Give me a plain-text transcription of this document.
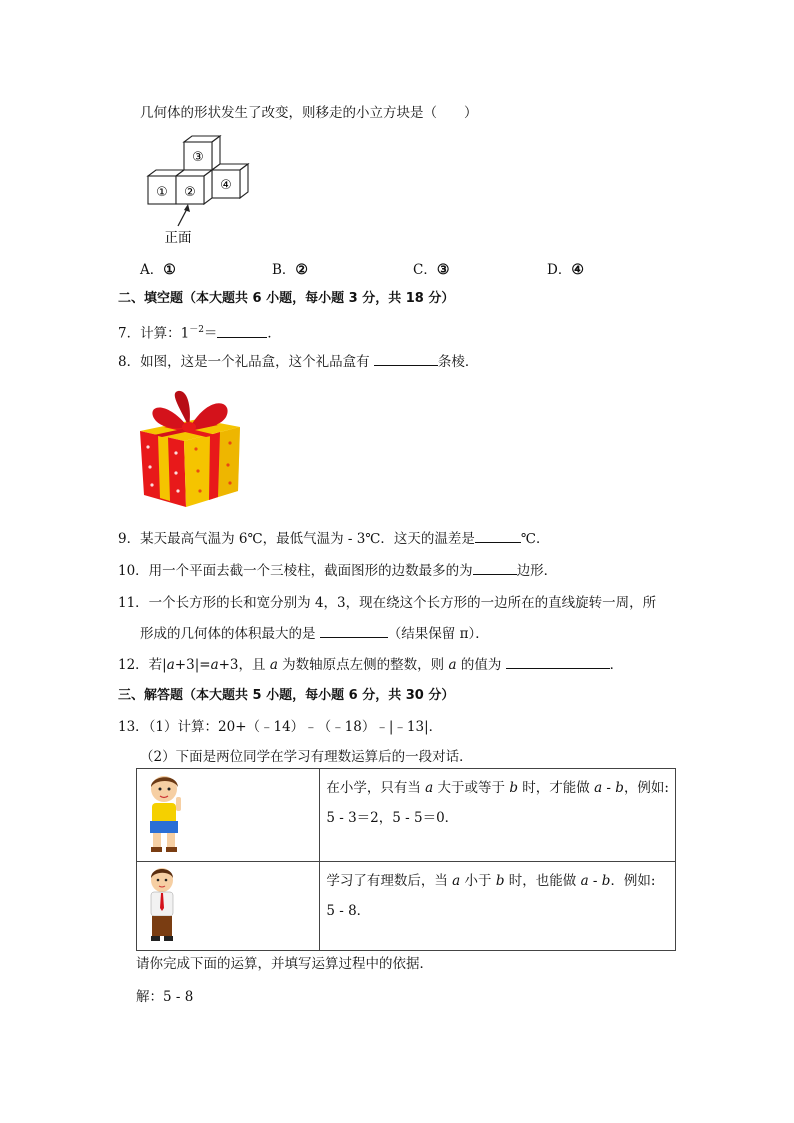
几何体的形状发生了改变，则移走的小立方块是（　　）
① ②
③
④
正面
A．①	B．②	C．③	D．④
二、填空题（本大题共 6 小题，每小题 3 分，共 18 分）
7．计算：$1^{-2}=$	．
8．如图，这是一个礼品盒，这个礼品盒有	条棱．
9．某天最高气温为 6℃，最低气温为 - 3℃．这天的温差是	℃．
10．用一个平面去截一个三棱柱，截面图形的边数最多的为	边形．
11．一个长方形的长和宽分别为 4，3，现在绕这个长方形的一边所在的直线旋转一周，所
形成的几何体的体积最大的是	（结果保留 π）．
12．若|a+3|=a+3，且 a 为数轴原点左侧的整数，则 a 的值为	．
三、解答题（本大题共 5 小题，每小题 6 分，共 30 分）
13．（1）计算：20+（﹣14）﹣（﹣18）﹣|﹣13|．
（2）下面是两位同学在学习有理数运算后的一段对话．

在小学，只有当 a 大于或等于 b 时，才能做 a - b，例如:
5 - 3＝2，5 - 5＝0．

学习了有理数后，当 a 小于 b 时，也能做 a - b．例如:
5 - 8．
请你完成下面的运算，并填写运算过程中的依据．
解：5 - 8
